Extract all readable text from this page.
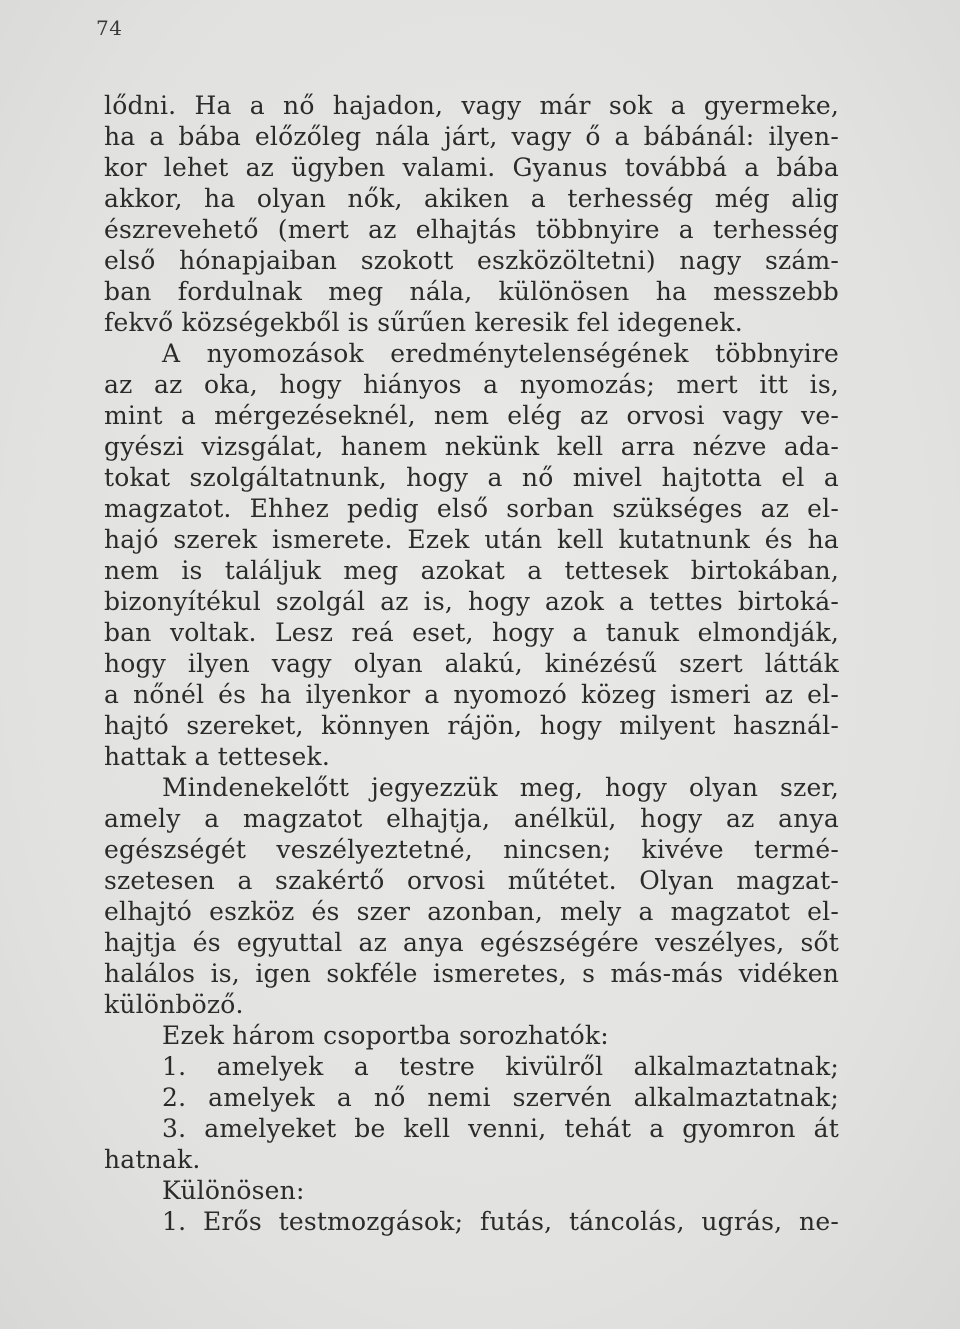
74
lődni. Ha a nő hajadon, vagy már sok a gyermeke,
ha a bába előzőleg nála járt, vagy ő a bábánál: ilyen-
kor lehet az ügyben valami. Gyanus továbbá a bába
akkor, ha olyan nők, akiken a terhesség még alig
észrevehető (mert az elhajtás többnyire a terhesség
első hónapjaiban szokott eszközöltetni) nagy szám-
ban fordulnak meg nála, különösen ha messzebb
fekvő községekből is sűrűen keresik fel idegenek.
A nyomozások eredménytelenségének többnyire
az az oka, hogy hiányos a nyomozás; mert itt is,
mint a mérgezéseknél, nem elég az orvosi vagy ve-
gyészi vizsgálat, hanem nekünk kell arra nézve ada-
tokat szolgáltatnunk, hogy a nő mivel hajtotta el a
magzatot. Ehhez pedig első sorban szükséges az el-
hajó szerek ismerete. Ezek után kell kutatnunk és ha
nem is találjuk meg azokat a tettesek birtokában,
bizonyítékul szolgál az is, hogy azok a tettes birtoká-
ban voltak. Lesz reá eset, hogy a tanuk elmondják,
hogy ilyen vagy olyan alakú, kinézésű szert látták
a nőnél és ha ilyenkor a nyomozó közeg ismeri az el-
hajtó szereket, könnyen rájön, hogy milyent használ-
hattak a tettesek.
Mindenekelőtt jegyezzük meg, hogy olyan szer,
amely a magzatot elhajtja, anélkül, hogy az anya
egészségét veszélyeztetné, nincsen; kivéve termé-
szetesen a szakértő orvosi műtétet. Olyan magzat-
elhajtó eszköz és szer azonban, mely a magzatot el-
hajtja és egyuttal az anya egészségére veszélyes, sőt
halálos is, igen sokféle ismeretes, s más-más vidéken
különböző.
Ezek három csoportba sorozhatók:
1. amelyek a testre kivülről alkalmaztatnak;
2. amelyek a nő nemi szervén alkalmaztatnak;
3. amelyeket be kell venni, tehát a gyomron át
hatnak.
Különösen:
1. Erős testmozgások; futás, táncolás, ugrás, ne-
